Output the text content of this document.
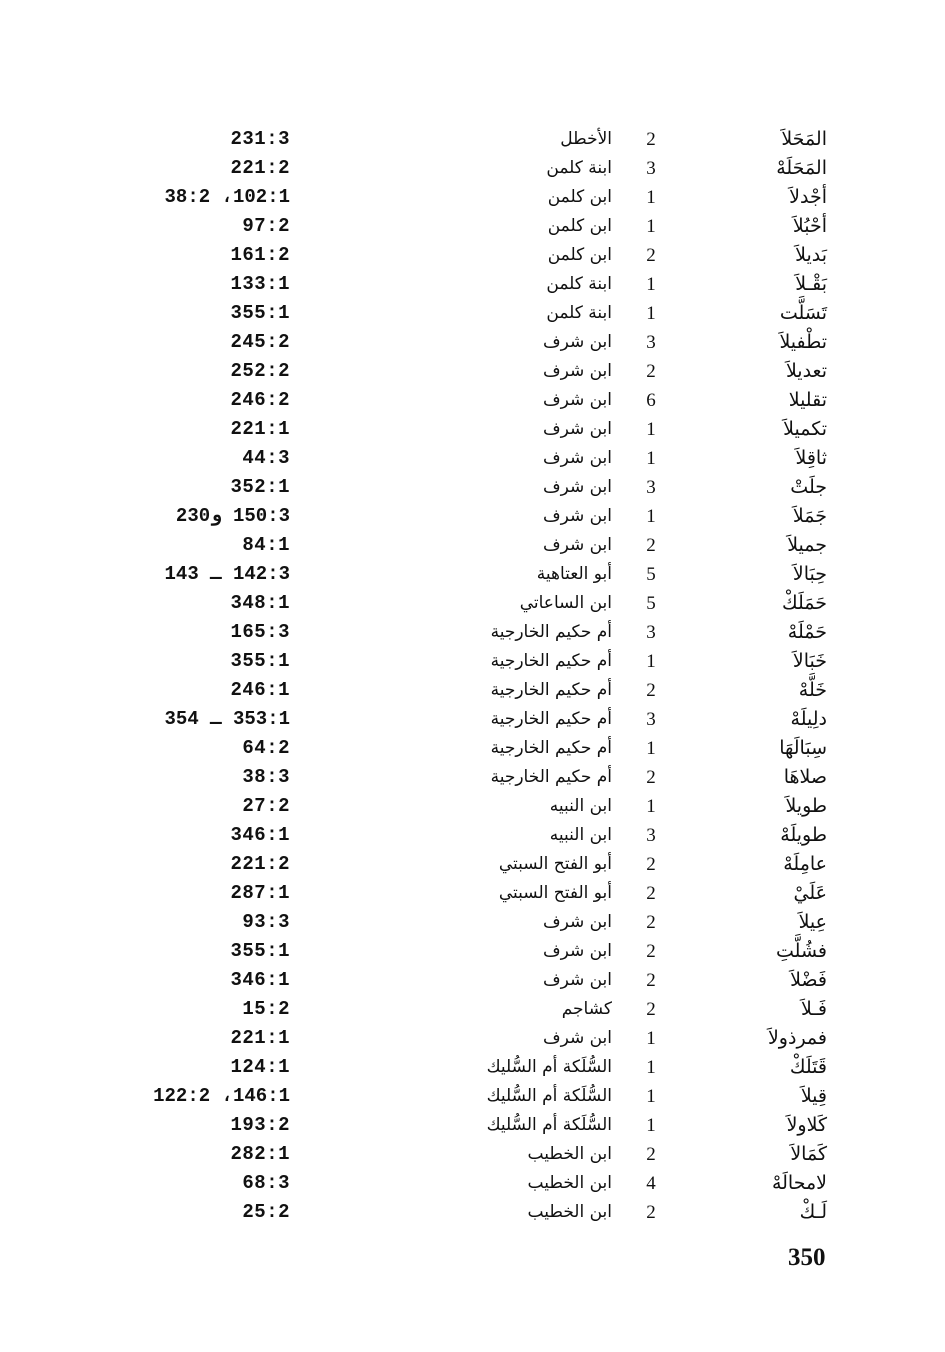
المَحَلاَ
2
الأخطل
231:3
المَحَلَهْ
3
ابنة كلمن
221:2
أجْدلاَ
1
ابن كلمن
102:1، 38:2
أحْبُلاَ
1
ابن كلمن
97:2
بَديلاَ
2
ابن كلمن
161:2
بَقْـلاَ
1
ابنة كلمن
133:1
تَسَلَّت
1
ابنة كلمن
355:1
تطْفيلاَ
3
ابن شرف
245:2
تعديلاَ
2
ابن شرف
252:2
تقليلا
6
ابن شرف
246:2
تكميلاَ
1
ابن شرف
221:1
ثاقِلاَ
1
ابن شرف
44:3
جلَتْ
3
ابن شرف
352:1
جَمَلاَ
1
ابن شرف
150:3 و230
جميلاَ
2
ابن شرف
84:1
حِبَالاَ
5
أبو العتاهية
142:3 ـ 143
حَمَلَكْ
5
ابن الساعاتي
348:1
حَمْلَهْ
3
أم حكيم الخارجية
165:3
خَبَالاَ
1
أم حكيم الخارجية
355:1
خَلَّهْ
2
أم حكيم الخارجية
246:1
دلِيلَهْ
3
أم حكيم الخارجية
353:1 ـ 354
سِبَالَهَا
1
أم حكيم الخارجية
64:2
صلاهَا
2
أم حكيم الخارجية
38:3
طويلاَ
1
ابن النبيه
27:2
طويلَهْ
3
ابن النبيه
346:1
عامِلَهْ
2
أبو الفتح السبتي
221:2
عَلَيْ
2
أبو الفتح السبتي
287:1
عِيلاَ
2
ابن شرف
93:3
فشُلَّتِ
2
ابن شرف
355:1
فَضْلاَ
2
ابن شرف
346:1
فَـلاَ
2
كشاجم
15:2
فمرذولاَ
1
ابن شرف
221:1
قَتَلَكْ
1
السُّلَكة أم السُّليك
124:1
قِيلاَ
1
السُّلَكة أم السُّليك
146:1، 122:2
كَلاولاَ
1
السُّلَكة أم السُّليك
193:2
كَمَالاَ
2
ابن الخطيب
282:1
لامحالَهْ
4
ابن الخطيب
68:3
لَـكْ
2
ابن الخطيب
25:2
350
